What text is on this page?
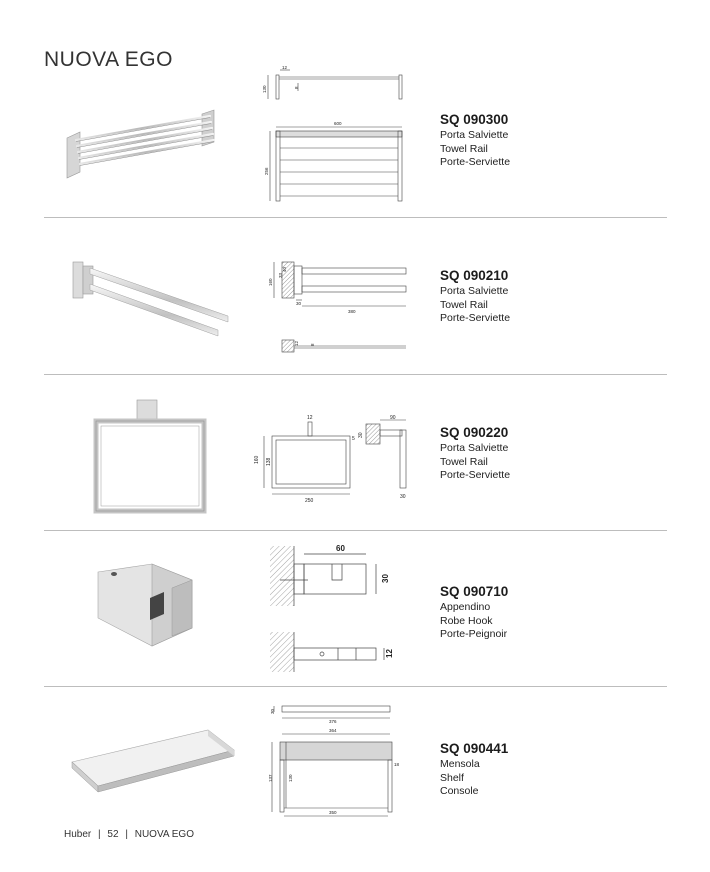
NUOVA EGO	12
130	8
600
256
SQ 090300
Porta Salviette
Towel Rail
Porte-Serviette
160
33
40
30
380
12 8
SQ 090210
Porta Salviette
Towel Rail
Porte-Serviette
12
5
160 138
250
90
30
30
SQ 090220
Porta Salviette
Towel Rail
Porte-Serviette
60
30
12
SQ 090710
Appendino
Robe Hook
Porte-Peignoir
376
364
137	130
18
350
30
SQ 090441
Mensola
Shelf
Console
Huber | 52 | NUOVA EGO
